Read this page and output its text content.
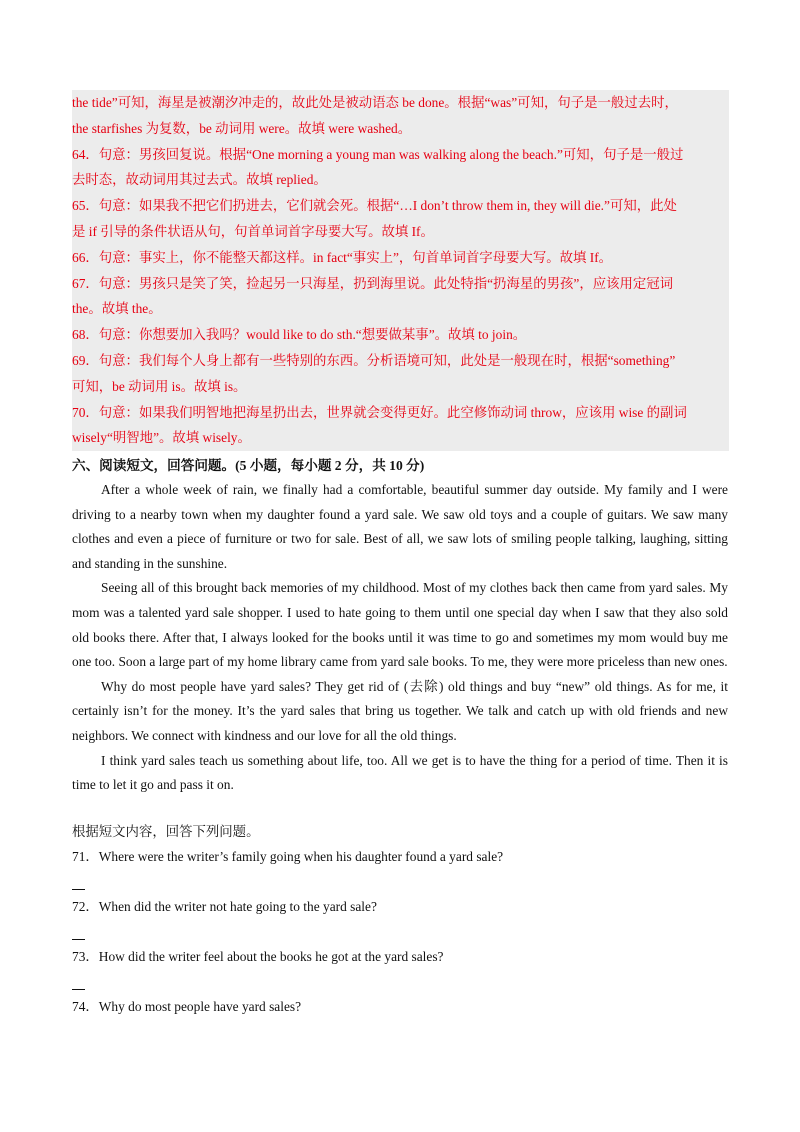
the tide”可知，海星是被潮汐冲走的，故此处是被动语态 be done。根据“was”可知，句子是一般过去时，
the starfishes 为复数，be 动词用 were。故填 were washed。
64．句意：男孩回复说。根据“One morning a young man was walking along the beach.”可知，句子是一般过
去时态，故动词用其过去式。故填 replied。
65．句意：如果我不把它们扔进去，它们就会死。根据“…I don’t throw them in, they will die.”可知，此处
是 if 引导的条件状语从句，句首单词首字母要大写。故填 If。
66．句意：事实上，你不能整天都这样。in fact“事实上”，句首单词首字母要大写。故填 If。
67．句意：男孩只是笑了笑，捡起另一只海星，扔到海里说。此处特指“扔海星的男孩”，应该用定冠词
the。故填 the。
68．句意：你想要加入我吗？would like to do sth.“想要做某事”。故填 to join。
69．句意：我们每个人身上都有一些特别的东西。分析语境可知，此处是一般现在时，根据“something”
可知，be 动词用 is。故填 is。
70．句意：如果我们明智地把海星扔出去，世界就会变得更好。此空修饰动词 throw，应该用 wise 的副词
wisely“明智地”。故填 wisely。
六、阅读短文，回答问题。(5 小题，每小题 2 分，共 10 分)

After a whole week of rain, we finally had a comfortable, beautiful summer day outside. My family and I were driving to a nearby town when my daughter found a yard sale. We saw old toys and a couple of guitars. We saw many clothes and even a piece of furniture or two for sale. Best of all, we saw lots of smiling people talking, laughing, sitting and standing in the sunshine.

Seeing all of this brought back memories of my childhood. Most of my clothes back then came from yard sales. My mom was a talented yard sale shopper. I used to hate going to them until one special day when I saw that they also sold old books there. After that, I always looked for the books until it was time to go and sometimes my mom would buy me one too. Soon a large part of my home library came from yard sale books. To me, they were more priceless than new ones.

Why do most people have yard sales? They get rid of (去除) old things and buy “new” old things. As for me, it certainly isn’t for the money. It’s the yard sales that bring us together. We talk and catch up with old friends and new neighbors. We connect with kindness and our love for all the old things.

I think yard sales teach us something about life, too. All we get is to have the thing for a period of time. Then it is time to let it go and pass it on.

根据短文内容，回答下列问题。
71．Where were the writer’s family going when his daughter found a yard sale?
72．When did the writer not hate going to the yard sale?
73．How did the writer feel about the books he got at the yard sales?
74．Why do most people have yard sales?
